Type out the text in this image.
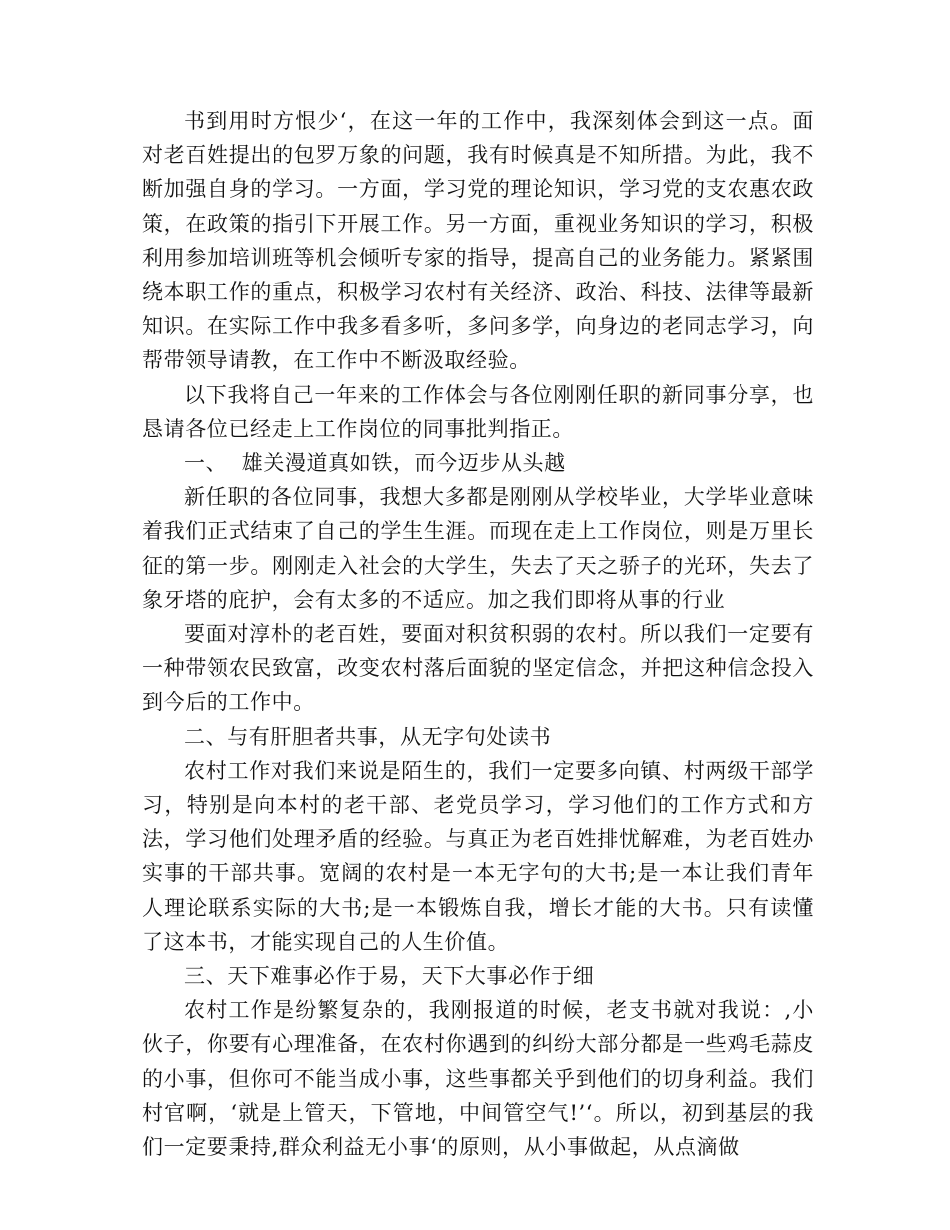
书到用时方恨少‘，在这一年的工作中，我深刻体会到这一点。面对老百姓提出的包罗万象的问题，我有时候真是不知所措。为此，我不断加强自身的学习。一方面，学习党的理论知识，学习党的支农惠农政策，在政策的指引下开展工作。另一方面，重视业务知识的学习，积极利用参加培训班等机会倾听专家的指导，提高自己的业务能力。紧紧围绕本职工作的重点，积极学习农村有关经济、政治、科技、法律等最新知识。在实际工作中我多看多听，多问多学，向身边的老同志学习，向帮带领导请教，在工作中不断汲取经验。

以下我将自己一年来的工作体会与各位刚刚任职的新同事分享，也恳请各位已经走上工作岗位的同事批判指正。

一、  雄关漫道真如铁，而今迈步从头越

新任职的各位同事，我想大多都是刚刚从学校毕业，大学毕业意味着我们正式结束了自己的学生生涯。而现在走上工作岗位，则是万里长征的第一步。刚刚走入社会的大学生，失去了天之骄子的光环，失去了象牙塔的庇护，会有太多的不适应。加之我们即将从事的行业

要面对淳朴的老百姓，要面对积贫积弱的农村。所以我们一定要有一种带领农民致富，改变农村落后面貌的坚定信念，并把这种信念投入到今后的工作中。

二、与有肝胆者共事，从无字句处读书

农村工作对我们来说是陌生的，我们一定要多向镇、村两级干部学习，特别是向本村的老干部、老党员学习，学习他们的工作方式和方法，学习他们处理矛盾的经验。与真正为老百姓排忧解难，为老百姓办实事的干部共事。宽阔的农村是一本无字句的大书;是一本让我们青年人理论联系实际的大书;是一本锻炼自我，增长才能的大书。只有读懂了这本书，才能实现自己的人生价值。

三、天下难事必作于易，天下大事必作于细

农村工作是纷繁复杂的，我刚报道的时候，老支书就对我说：,小伙子，你要有心理准备，在农村你遇到的纠纷大部分都是一些鸡毛蒜皮的小事，但你可不能当成小事，这些事都关乎到他们的切身利益。我们村官啊，‘就是上管天，下管地，中间管空气!’‘。所以，初到基层的我们一定要秉持,群众利益无小事‘的原则，从小事做起，从点滴做
